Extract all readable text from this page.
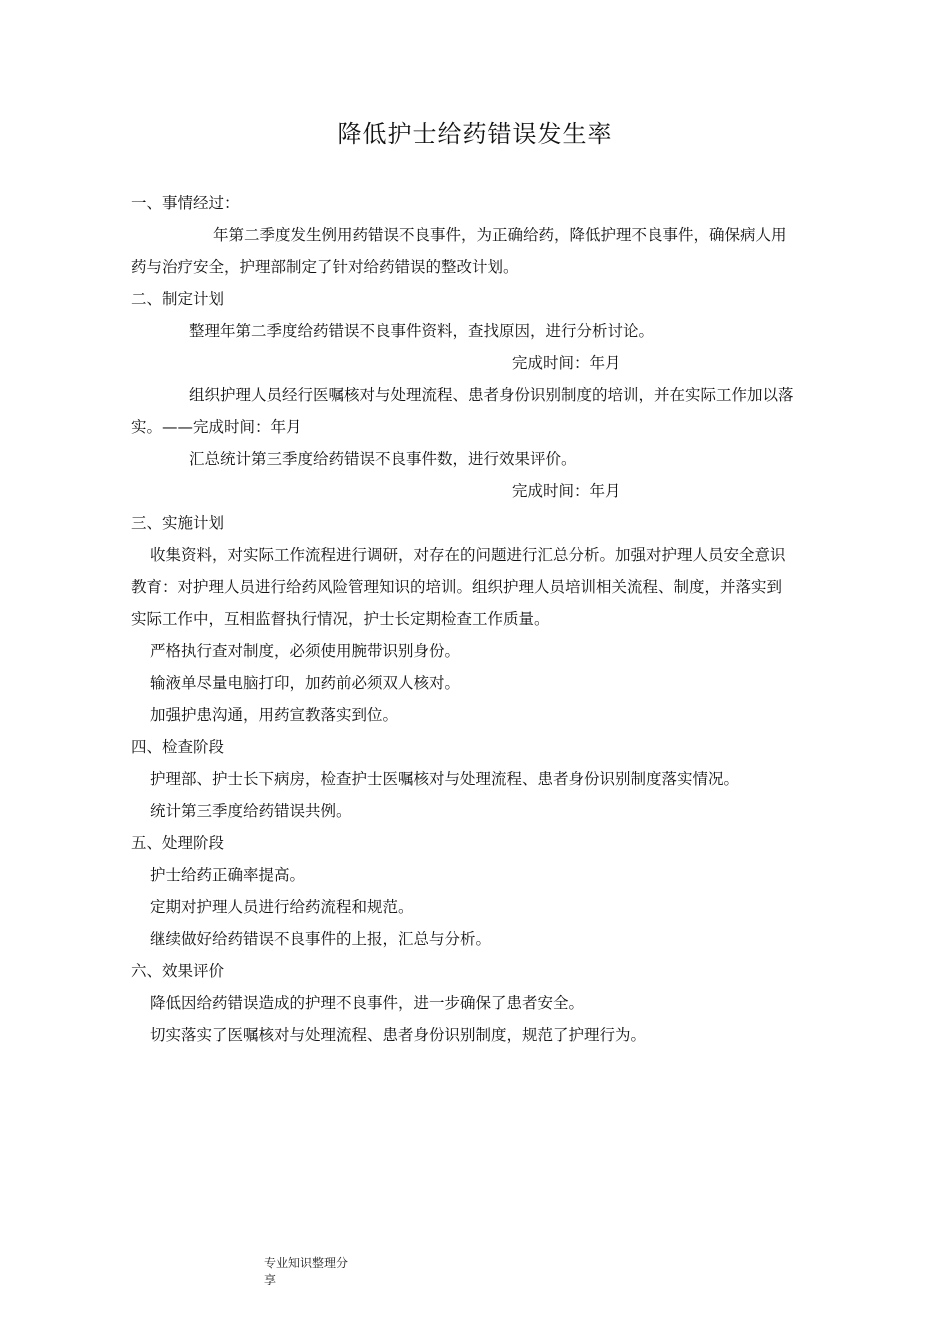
降低护士给药错误发生率
一、事情经过：
年第二季度发生例用药错误不良事件，为正确给药，降低护理不良事件，确保病人用
药与治疗安全，护理部制定了针对给药错误的整改计划。
二、制定计划
整理年第二季度给药错误不良事件资料，查找原因，进行分析讨论。
完成时间：年月
组织护理人员经行医嘱核对与处理流程、患者身份识别制度的培训，并在实际工作加以落
实。——完成时间：年月
汇总统计第三季度给药错误不良事件数，进行效果评价。
完成时间：年月
三、实施计划
收集资料，对实际工作流程进行调研，对存在的问题进行汇总分析。加强对护理人员安全意识
教育：对护理人员进行给药风险管理知识的培训。组织护理人员培训相关流程、制度，并落实到
实际工作中，互相监督执行情况，护士长定期检查工作质量。
严格执行查对制度，必须使用腕带识别身份。
输液单尽量电脑打印，加药前必须双人核对。
加强护患沟通，用药宣教落实到位。
四、检查阶段
护理部、护士长下病房，检查护士医嘱核对与处理流程、患者身份识别制度落实情况。
统计第三季度给药错误共例。
五、处理阶段
护士给药正确率提高。
定期对护理人员进行给药流程和规范。
继续做好给药错误不良事件的上报，汇总与分析。
六、效果评价
降低因给药错误造成的护理不良事件，进一步确保了患者安全。
切实落实了医嘱核对与处理流程、患者身份识别制度，规范了护理行为。
专业知识整理分
享
